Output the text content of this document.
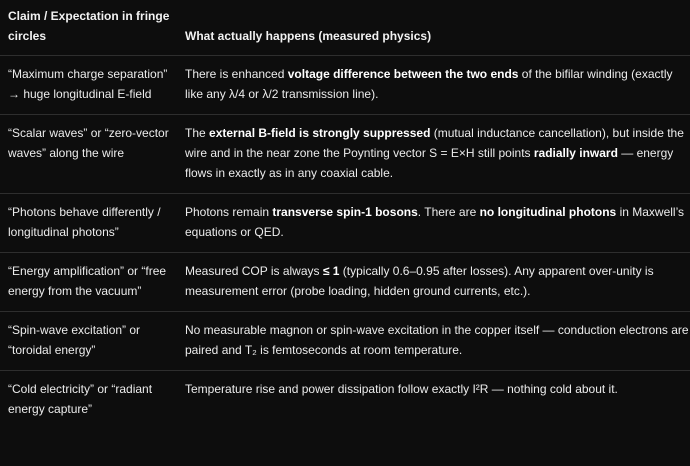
Claim / Expectation in fringe circles	What actually happens (measured physics)
“Maximum charge separation” → huge longitudinal E-field	There is enhanced voltage difference between the two ends of the bifilar winding (exactly like any λ/4 or λ/2 transmission line).
“Scalar waves” or “zero-vector waves” along the wire	The external B-field is strongly suppressed (mutual inductance cancellation), but inside the wire and in the near zone the Poynting vector S = E×H still points radially inward — energy flows in exactly as in any coaxial cable.
“Photons behave differently / longitudinal photons”	Photons remain transverse spin-1 bosons. There are no longitudinal photons in Maxwell’s equations or QED.
“Energy amplification” or “free energy from the vacuum”	Measured COP is always ≤ 1 (typically 0.6–0.95 after losses). Any apparent over-unity is measurement error (probe loading, hidden ground currents, etc.).
“Spin-wave excitation” or “toroidal energy”	No measurable magnon or spin-wave excitation in the copper itself — conduction electrons are paired and T₂ is femtoseconds at room temperature.
“Cold electricity” or “radiant energy capture”	Temperature rise and power dissipation follow exactly I²R — nothing cold about it.
